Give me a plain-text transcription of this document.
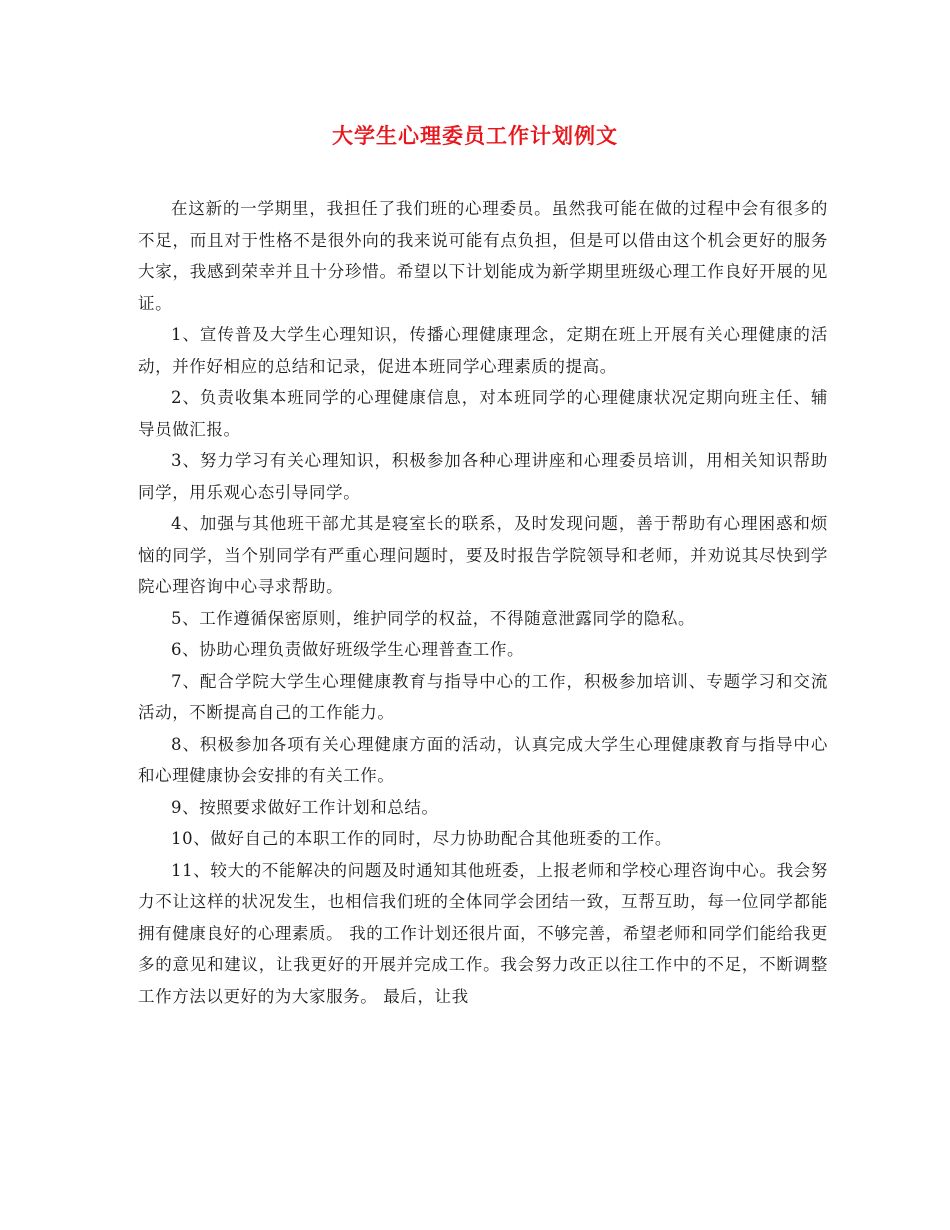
大学生心理委员工作计划例文

在这新的一学期里，我担任了我们班的心理委员。虽然我可能在做的过程中会有很多的不足，而且对于性格不是很外向的我来说可能有点负担，但是可以借由这个机会更好的服务大家，我感到荣幸并且十分珍惜。希望以下计划能成为新学期里班级心理工作良好开展的见证。

1、宣传普及大学生心理知识，传播心理健康理念，定期在班上开展有关心理健康的活动，并作好相应的总结和记录，促进本班同学心理素质的提高。

2、负责收集本班同学的心理健康信息，对本班同学的心理健康状况定期向班主任、辅导员做汇报。

3、努力学习有关心理知识，积极参加各种心理讲座和心理委员培训，用相关知识帮助同学，用乐观心态引导同学。

4、加强与其他班干部尤其是寝室长的联系，及时发现问题，善于帮助有心理困惑和烦恼的同学，当个别同学有严重心理问题时，要及时报告学院领导和老师，并劝说其尽快到学院心理咨询中心寻求帮助。

5、工作遵循保密原则，维护同学的权益，不得随意泄露同学的隐私。

6、协助心理负责做好班级学生心理普查工作。

7、配合学院大学生心理健康教育与指导中心的工作，积极参加培训、专题学习和交流活动，不断提高自己的工作能力。

8、积极参加各项有关心理健康方面的活动，认真完成大学生心理健康教育与指导中心和心理健康协会安排的有关工作。

9、按照要求做好工作计划和总结。

10、做好自己的本职工作的同时，尽力协助配合其他班委的工作。

11、较大的不能解决的问题及时通知其他班委，上报老师和学校心理咨询中心。我会努力不让这样的状况发生，也相信我们班的全体同学会团结一致，互帮互助，每一位同学都能拥有健康良好的心理素质。 我的工作计划还很片面，不够完善，希望老师和同学们能给我更多的意见和建议，让我更好的开展并完成工作。我会努力改正以往工作中的不足，不断调整工作方法以更好的为大家服务。 最后，让我
